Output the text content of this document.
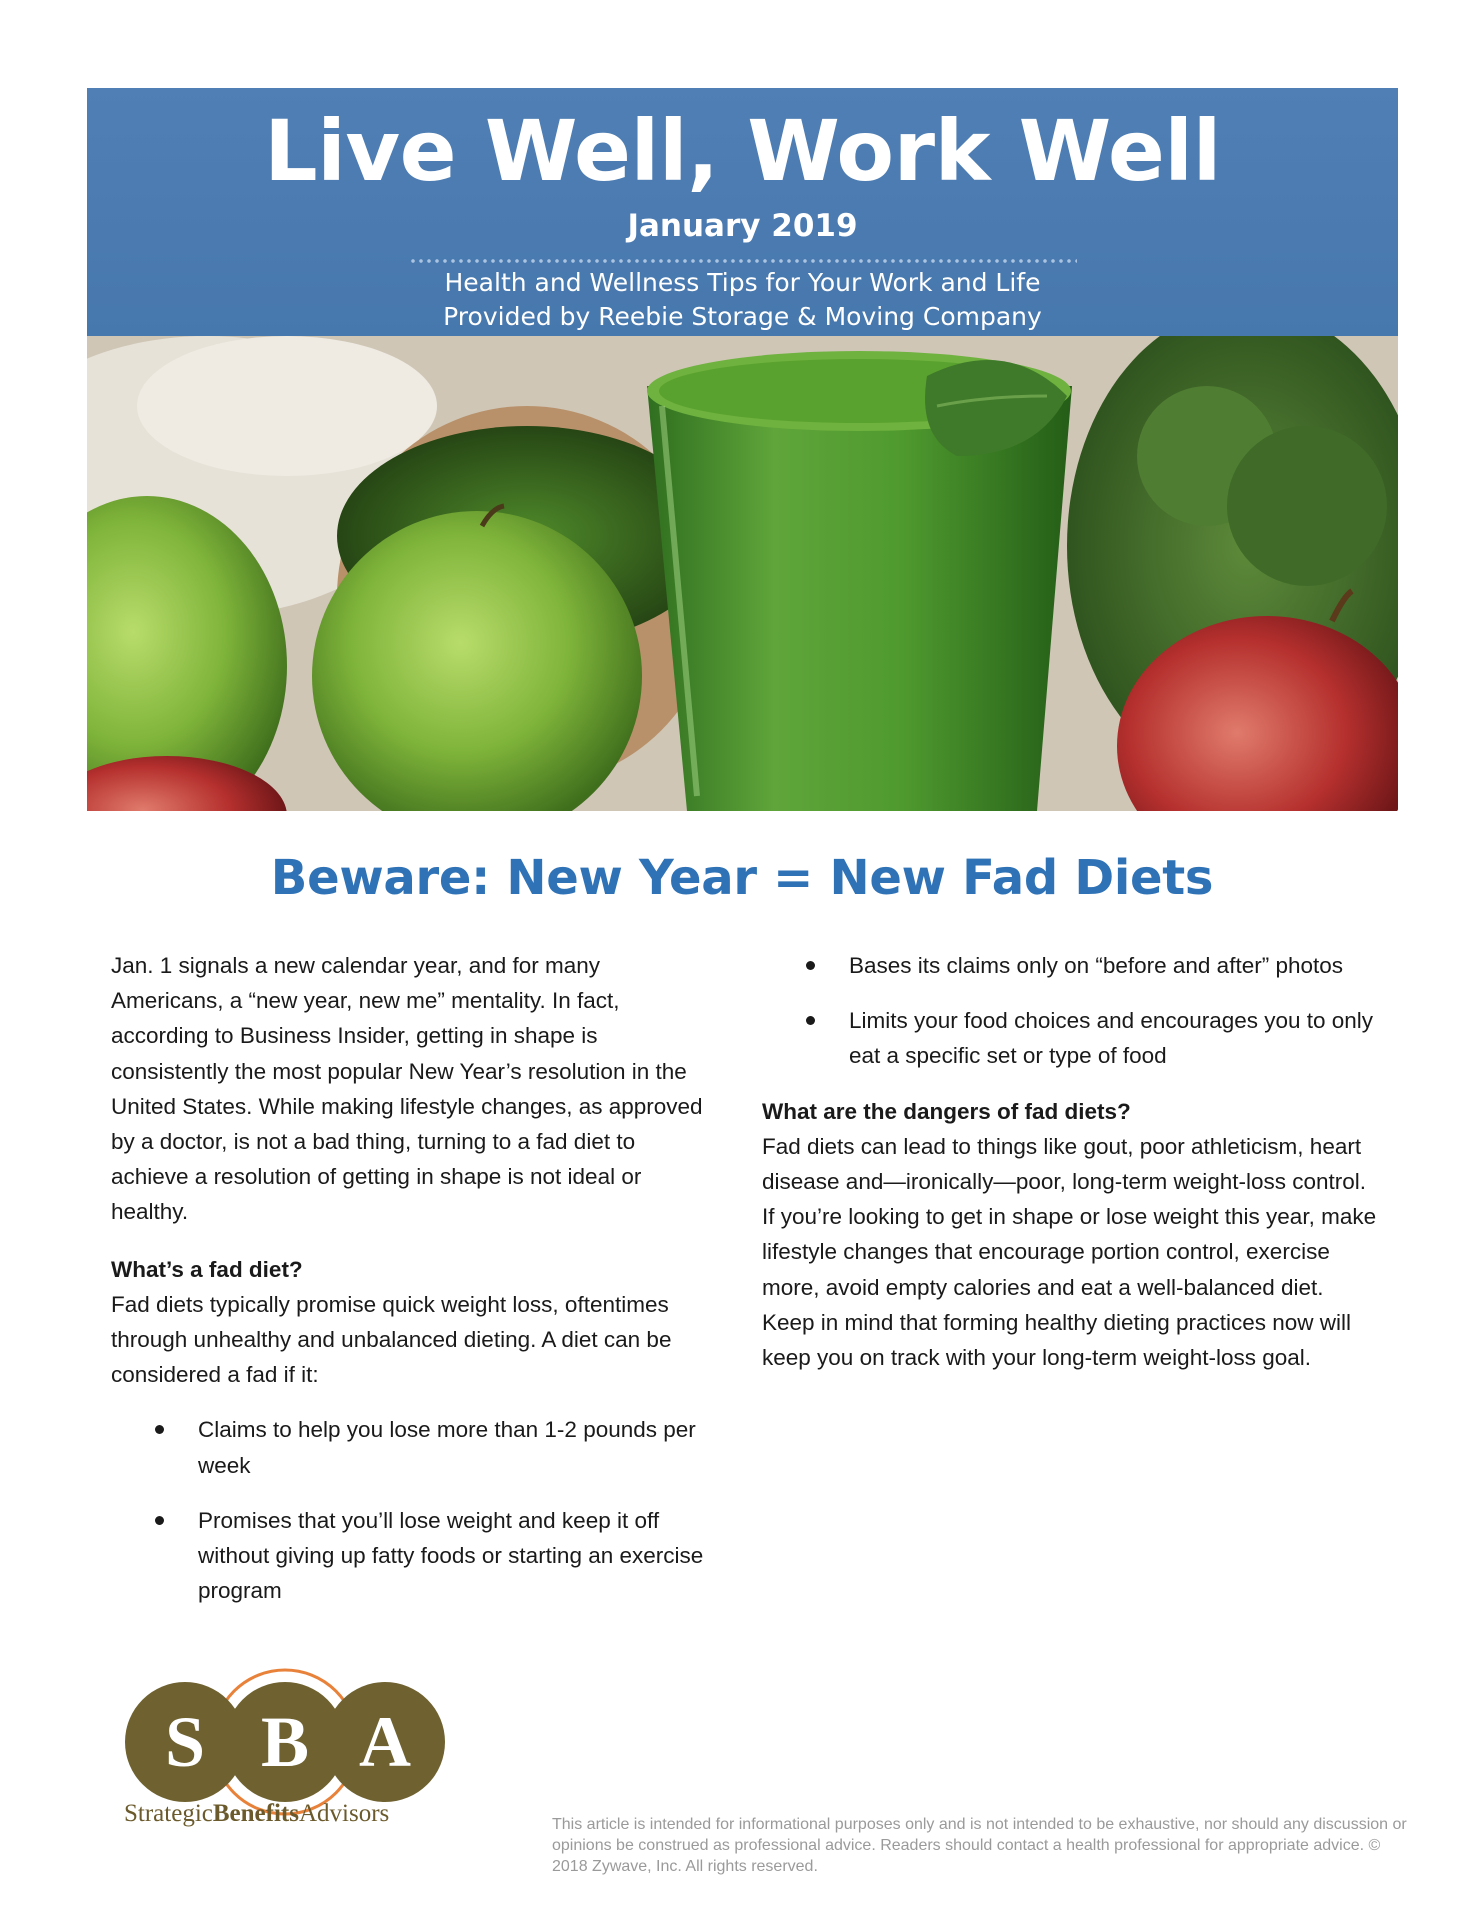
Live Well, Work Well
January 2019
Health and Wellness Tips for Your Work and Life
Provided by Reebie Storage & Moving Company
Beware: New Year = New Fad Diets

Jan. 1 signals a new calendar year, and for many Americans, a “new year, new me” mentality. In fact, according to Business Insider, getting in shape is consistently the most popular New Year’s resolution in the United States. While making lifestyle changes, as approved by a doctor, is not a bad thing, turning to a fad diet to achieve a resolution of getting in shape is not ideal or healthy.

What’s a fad diet?

Fad diets typically promise quick weight loss, oftentimes through unhealthy and unbalanced dieting. A diet can be considered a fad if it:

Claims to help you lose more than 1-2 pounds per week
Promises that you’ll lose weight and keep it off without giving up fatty foods or starting an exercise program
Bases its claims only on “before and after” photos
Limits your food choices and encourages you to only eat a specific set or type of food
What are the dangers of fad diets?

Fad diets can lead to things like gout, poor athleticism, heart disease and—ironically—poor, long-term weight-loss control. If you’re looking to get in shape or lose weight this year, make lifestyle changes that encourage portion control, exercise more, avoid empty calories and eat a well-balanced diet. Keep in mind that forming healthy dieting practices now will keep you on track with your long-term weight-loss goal.

S B A
StrategicBenefitsAdvisors	This article is intended for informational purposes only and is not intended to be exhaustive, nor should any discussion or opinions be construed as professional advice. Readers should contact a health professional for appropriate advice. © 2018 Zywave, Inc. All rights reserved.
